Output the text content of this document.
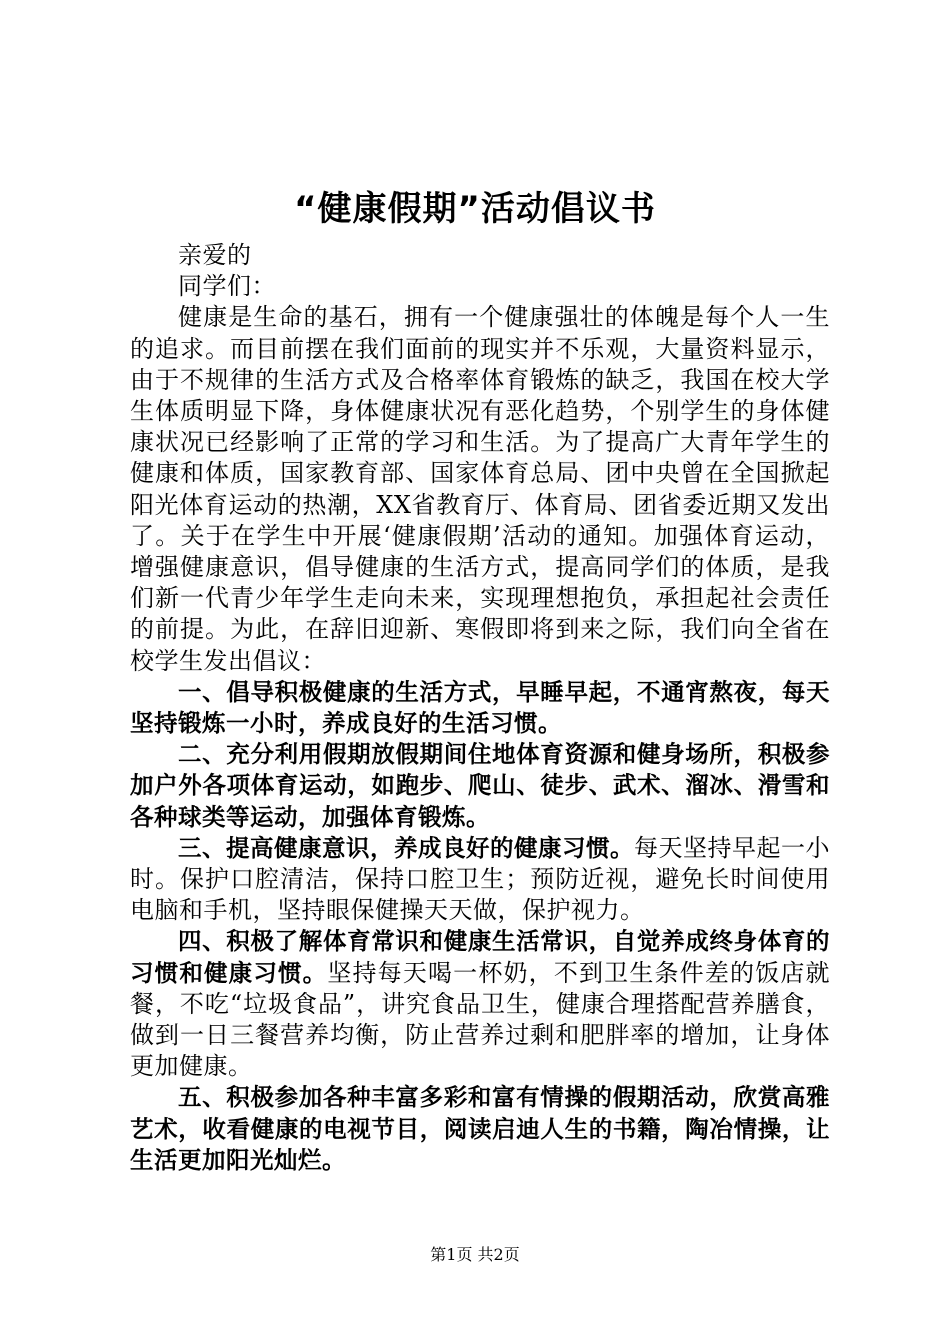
“健康假期”活动倡议书

亲爱的

同学们：

健康是生命的基石，拥有一个健康强壮的体魄是每个人一生的追求。而目前摆在我们面前的现实并不乐观，大量资料显示，由于不规律的生活方式及合格率体育锻炼的缺乏，我国在校大学生体质明显下降，身体健康状况有恶化趋势，个别学生的身体健康状况已经影响了正常的学习和生活。为了提高广大青年学生的健康和体质，国家教育部、国家体育总局、团中央曾在全国掀起阳光体育运动的热潮，XX省教育厅、体育局、团省委近期又发出了。关于在学生中开展‘健康假期’活动的通知。加强体育运动，增强健康意识，倡导健康的生活方式，提高同学们的体质，是我们新一代青少年学生走向未来，实现理想抱负，承担起社会责任的前提。为此，在辞旧迎新、寒假即将到来之际，我们向全省在校学生发出倡议：

一、倡导积极健康的生活方式，早睡早起，不通宵熬夜，每天坚持锻炼一小时，养成良好的生活习惯。

二、充分利用假期放假期间住地体育资源和健身场所，积极参加户外各项体育运动，如跑步、爬山、徒步、武术、溜冰、滑雪和各种球类等运动，加强体育锻炼。

三、提高健康意识，养成良好的健康习惯。每天坚持早起一小时。保护口腔清洁，保持口腔卫生；预防近视，避免长时间使用电脑和手机，坚持眼保健操天天做，保护视力。

四、积极了解体育常识和健康生活常识，自觉养成终身体育的习惯和健康习惯。坚持每天喝一杯奶，不到卫生条件差的饭店就餐，不吃“垃圾食品”，讲究食品卫生，健康合理搭配营养膳食，做到一日三餐营养均衡，防止营养过剩和肥胖率的增加，让身体更加健康。

五、积极参加各种丰富多彩和富有情操的假期活动，欣赏高雅艺术，收看健康的电视节目，阅读启迪人生的书籍，陶冶情操，让生活更加阳光灿烂。

第1页 共2页
